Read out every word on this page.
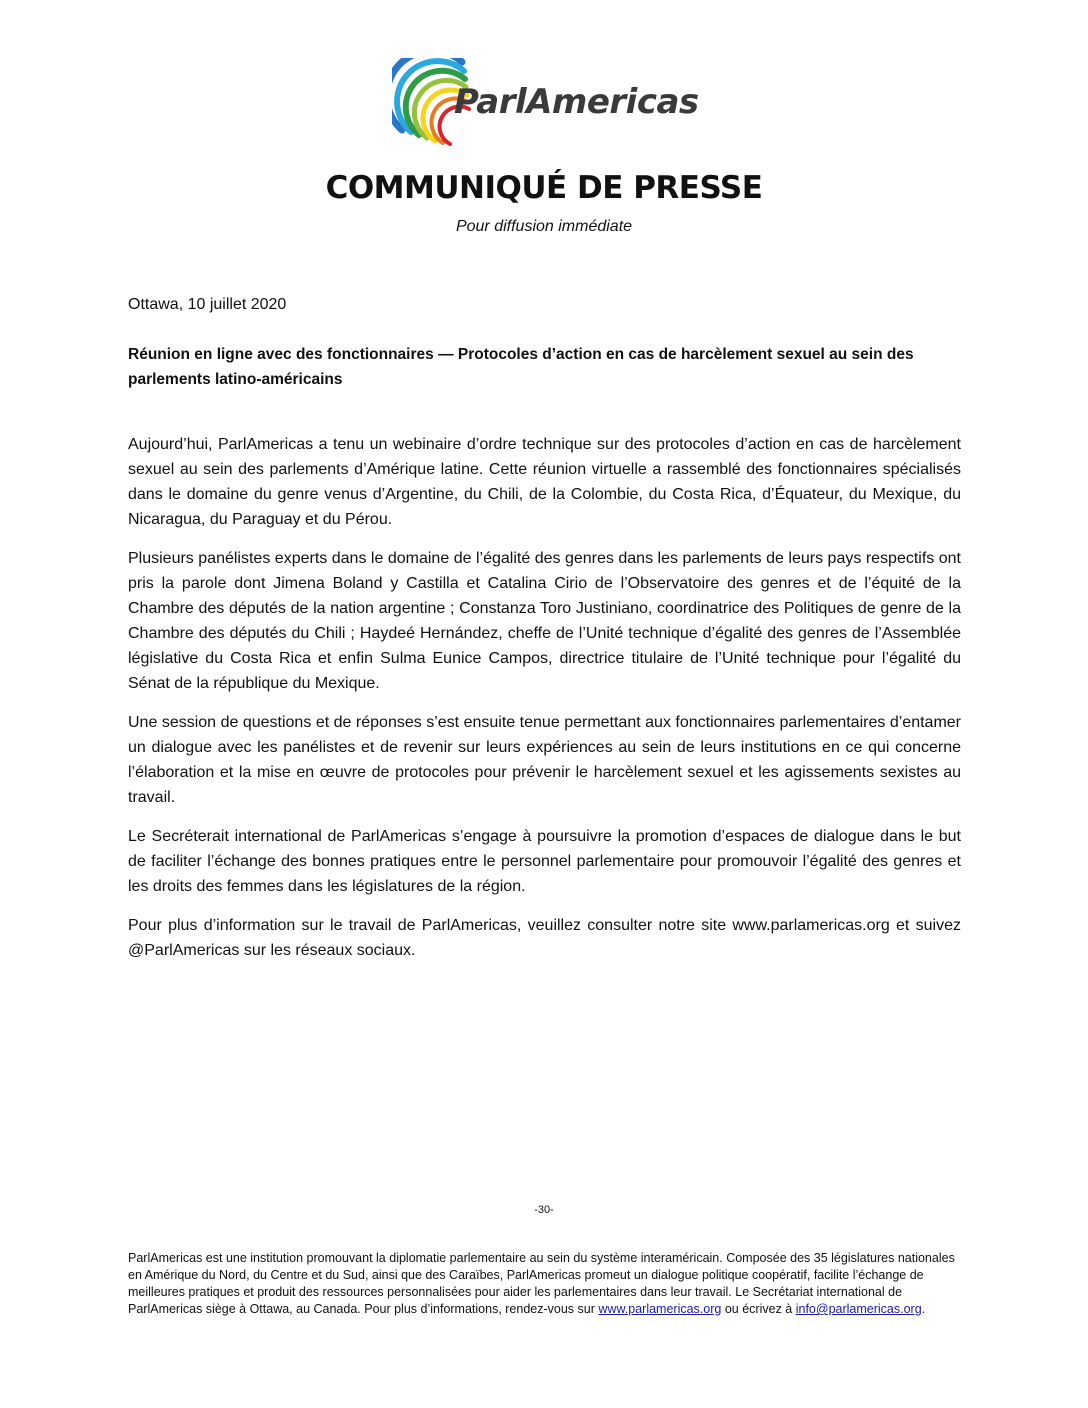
ParlAmericas
COMMUNIQUÉ DE PRESSE

Pour diffusion immédiate

Ottawa, 10 juillet 2020
Réunion en ligne avec des fonctionnaires — Protocoles d’action en cas de harcèlement sexuel au sein des parlements latino-américains

Aujourd’hui, ParlAmericas a tenu un webinaire d’ordre technique sur des protocoles d’action en cas de harcèlement sexuel au sein des parlements d’Amérique latine. Cette réunion virtuelle a rassemblé des fonctionnaires spécialisés dans le domaine du genre venus d’Argentine, du Chili, de la Colombie, du Costa Rica, d’Équateur, du Mexique, du Nicaragua, du Paraguay et du Pérou.

Plusieurs panélistes experts dans le domaine de l’égalité des genres dans les parlements de leurs pays respectifs ont pris la parole dont Jimena Boland y Castilla et Catalina Cirio de l’Observatoire des genres et de l’équité de la Chambre des députés de la nation argentine ; Constanza Toro Justiniano, coordinatrice des Politiques de genre de la Chambre des députés du Chili ; Haydeé Hernández, cheffe de l’Unité technique d’égalité des genres de l’Assemblée législative du Costa Rica et enfin Sulma Eunice Campos, directrice titulaire de l’Unité technique pour l’égalité du Sénat de la république du Mexique.

Une session de questions et de réponses s’est ensuite tenue permettant aux fonctionnaires parlementaires d’entamer un dialogue avec les panélistes et de revenir sur leurs expériences au sein de leurs institutions en ce qui concerne l’élaboration et la mise en œuvre de protocoles pour prévenir le harcèlement sexuel et les agissements sexistes au travail.

Le Secréterait international de ParlAmericas s’engage à poursuivre la promotion d’espaces de dialogue dans le but de faciliter l’échange des bonnes pratiques entre le personnel parlementaire pour promouvoir l’égalité des genres et les droits des femmes dans les législatures de la région.

Pour plus d’information sur le travail de ParlAmericas, veuillez consulter notre site www.parlamericas.org et suivez @ParlAmericas sur les réseaux sociaux.

-30-
ParlAmericas est une institution promouvant la diplomatie parlementaire au sein du système interaméricain. Composée des 35 législatures nationales en Amérique du Nord, du Centre et du Sud, ainsi que des Caraïbes, ParlAmericas promeut un dialogue politique coopératif, facilite l’échange de meilleures pratiques et produit des ressources personnalisées pour aider les parlementaires dans leur travail. Le Secrétariat international de ParlAmericas siège à Ottawa, au Canada. Pour plus d’informations, rendez-vous sur www.parlamericas.org ou écrivez à info@parlamericas.org.
